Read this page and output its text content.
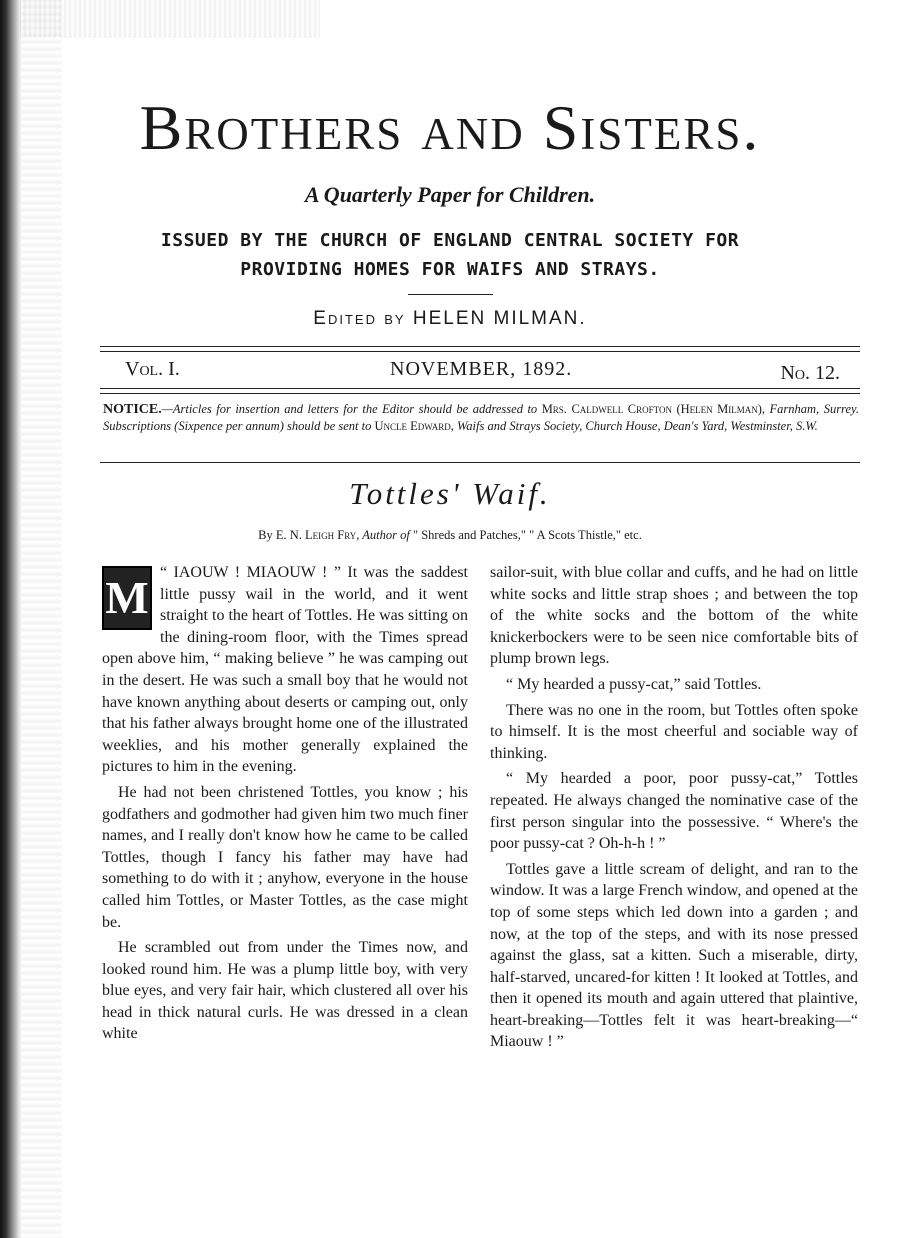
Brothers and Sisters.
A Quarterly Paper for Children.
ISSUED BY THE CHURCH OF ENGLAND CENTRAL SOCIETY FOR
PROVIDING HOMES FOR WAIFS AND STRAYS.
Edited by HELEN MILMAN.
Vol. I.	NOVEMBER, 1892.	No. 12.
NOTICE.—Articles for insertion and letters for the Editor should be addressed to Mrs. Caldwell Crofton (Helen Milman), Farnham, Surrey. Subscriptions (Sixpence per annum) should be sent to Uncle Edward, Waifs and Strays Society, Church House, Dean's Yard, Westminster, S.W.
Tottles' Waif.
By E. N. Leigh Fry, Author of " Shreds and Patches," " A Scots Thistle," etc.
M “ IAOUW ! MIAOUW ! ” It was the saddest little pussy wail in the world, and it went straight to the heart of Tottles. He was sitting on the dining-room floor, with the Times spread open above him, “ making believe ” he was camping out in the desert. He was such a small boy that he would not have known anything about deserts or camping out, only that his father always brought home one of the illustrated weeklies, and his mother generally explained the pictures to him in the evening.

He had not been christened Tottles, you know ; his godfathers and godmother had given him two much finer names, and I really don't know how he came to be called Tottles, though I fancy his father may have had something to do with it ; anyhow, everyone in the house called him Tottles, or Master Tottles, as the case might be.

He scrambled out from under the Times now, and looked round him. He was a plump little boy, with very blue eyes, and very fair hair, which clustered all over his head in thick natural curls. He was dressed in a clean white

sailor-suit, with blue collar and cuffs, and he had on little white socks and little strap shoes ; and between the top of the white socks and the bottom of the white knickerbockers were to be seen nice comfortable bits of plump brown legs.

“ My hearded a pussy-cat,” said Tottles.

There was no one in the room, but Tottles often spoke to himself. It is the most cheerful and sociable way of thinking.

“ My hearded a poor, poor pussy-cat,” Tottles repeated. He always changed the nominative case of the first person singular into the possessive. “ Where's the poor pussy-cat ? Oh-h-h ! ”

Tottles gave a little scream of delight, and ran to the window. It was a large French window, and opened at the top of some steps which led down into a garden ; and now, at the top of the steps, and with its nose pressed against the glass, sat a kitten. Such a miserable, dirty, half-starved, uncared-for kitten ! It looked at Tottles, and then it opened its mouth and again uttered that plaintive, heart-breaking—Tottles felt it was heart-breaking—“ Miaouw ! ”
